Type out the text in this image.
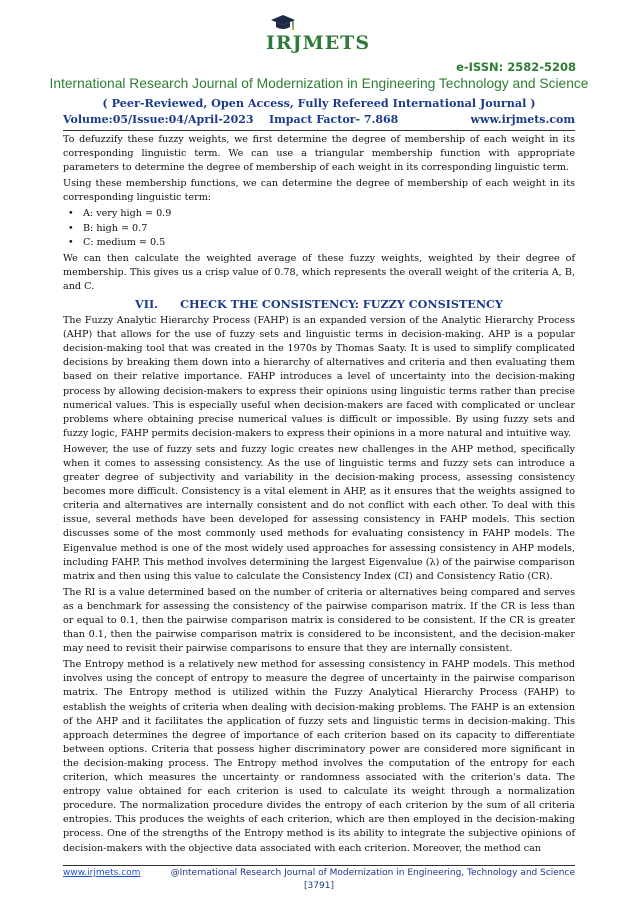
IRJMETS
e-ISSN: 2582-5208
International Research Journal of Modernization in Engineering Technology and Science
( Peer-Reviewed, Open Access, Fully Refereed International Journal )
Volume:05/Issue:04/April-2023 Impact Factor- 7.868	www.irjmets.com

To defuzzify these fuzzy weights, we first determine the degree of membership of each weight in its corresponding linguistic term. We can use a triangular membership function with appropriate parameters to determine the degree of membership of each weight in its corresponding linguistic term.

Using these membership functions, we can determine the degree of membership of each weight in its corresponding linguistic term:

• A: very high = 0.9
• B: high = 0.7
• C: medium = 0.5

We can then calculate the weighted average of these fuzzy weights, weighted by their degree of membership. This gives us a crisp value of 0.78, which represents the overall weight of the criteria A, B, and C.

VII. CHECK THE CONSISTENCY: FUZZY CONSISTENCY

The Fuzzy Analytic Hierarchy Process (FAHP) is an expanded version of the Analytic Hierarchy Process (AHP) that allows for the use of fuzzy sets and linguistic terms in decision-making. AHP is a popular decision-making tool that was created in the 1970s by Thomas Saaty. It is used to simplify complicated decisions by breaking them down into a hierarchy of alternatives and criteria and then evaluating them based on their relative importance. FAHP introduces a level of uncertainty into the decision-making process by allowing decision-makers to express their opinions using linguistic terms rather than precise numerical values. This is especially useful when decision-makers are faced with complicated or unclear problems where obtaining precise numerical values is difficult or impossible. By using fuzzy sets and fuzzy logic, FAHP permits decision-makers to express their opinions in a more natural and intuitive way.

However, the use of fuzzy sets and fuzzy logic creates new challenges in the AHP method, specifically when it comes to assessing consistency. As the use of linguistic terms and fuzzy sets can introduce a greater degree of subjectivity and variability in the decision-making process, assessing consistency becomes more difficult. Consistency is a vital element in AHP, as it ensures that the weights assigned to criteria and alternatives are internally consistent and do not conflict with each other. To deal with this issue, several methods have been developed for assessing consistency in FAHP models. This section discusses some of the most commonly used methods for evaluating consistency in FAHP models. The Eigenvalue method is one of the most widely used approaches for assessing consistency in AHP models, including FAHP. This method involves determining the largest Eigenvalue (λ) of the pairwise comparison matrix and then using this value to calculate the Consistency Index (CI) and Consistency Ratio (CR).

The RI is a value determined based on the number of criteria or alternatives being compared and serves as a benchmark for assessing the consistency of the pairwise comparison matrix. If the CR is less than or equal to 0.1, then the pairwise comparison matrix is considered to be consistent. If the CR is greater than 0.1, then the pairwise comparison matrix is considered to be inconsistent, and the decision-maker may need to revisit their pairwise comparisons to ensure that they are internally consistent.

The Entropy method is a relatively new method for assessing consistency in FAHP models. This method involves using the concept of entropy to measure the degree of uncertainty in the pairwise comparison matrix. The Entropy method is utilized within the Fuzzy Analytical Hierarchy Process (FAHP) to establish the weights of criteria when dealing with decision-making problems. The FAHP is an extension of the AHP and it facilitates the application of fuzzy sets and linguistic terms in decision-making. This approach determines the degree of importance of each criterion based on its capacity to differentiate between options. Criteria that possess higher discriminatory power are considered more significant in the decision-making process. The Entropy method involves the computation of the entropy for each criterion, which measures the uncertainty or randomness associated with the criterion's data. The entropy value obtained for each criterion is used to calculate its weight through a normalization procedure. The normalization procedure divides the entropy of each criterion by the sum of all criteria entropies. This produces the weights of each criterion, which are then employed in the decision-making process. One of the strengths of the Entropy method is its ability to integrate the subjective opinions of decision-makers with the objective data associated with each criterion. Moreover, the method can

www.irjmets.com	@International Research Journal of Modernization in Engineering, Technology and Science
[3791]
